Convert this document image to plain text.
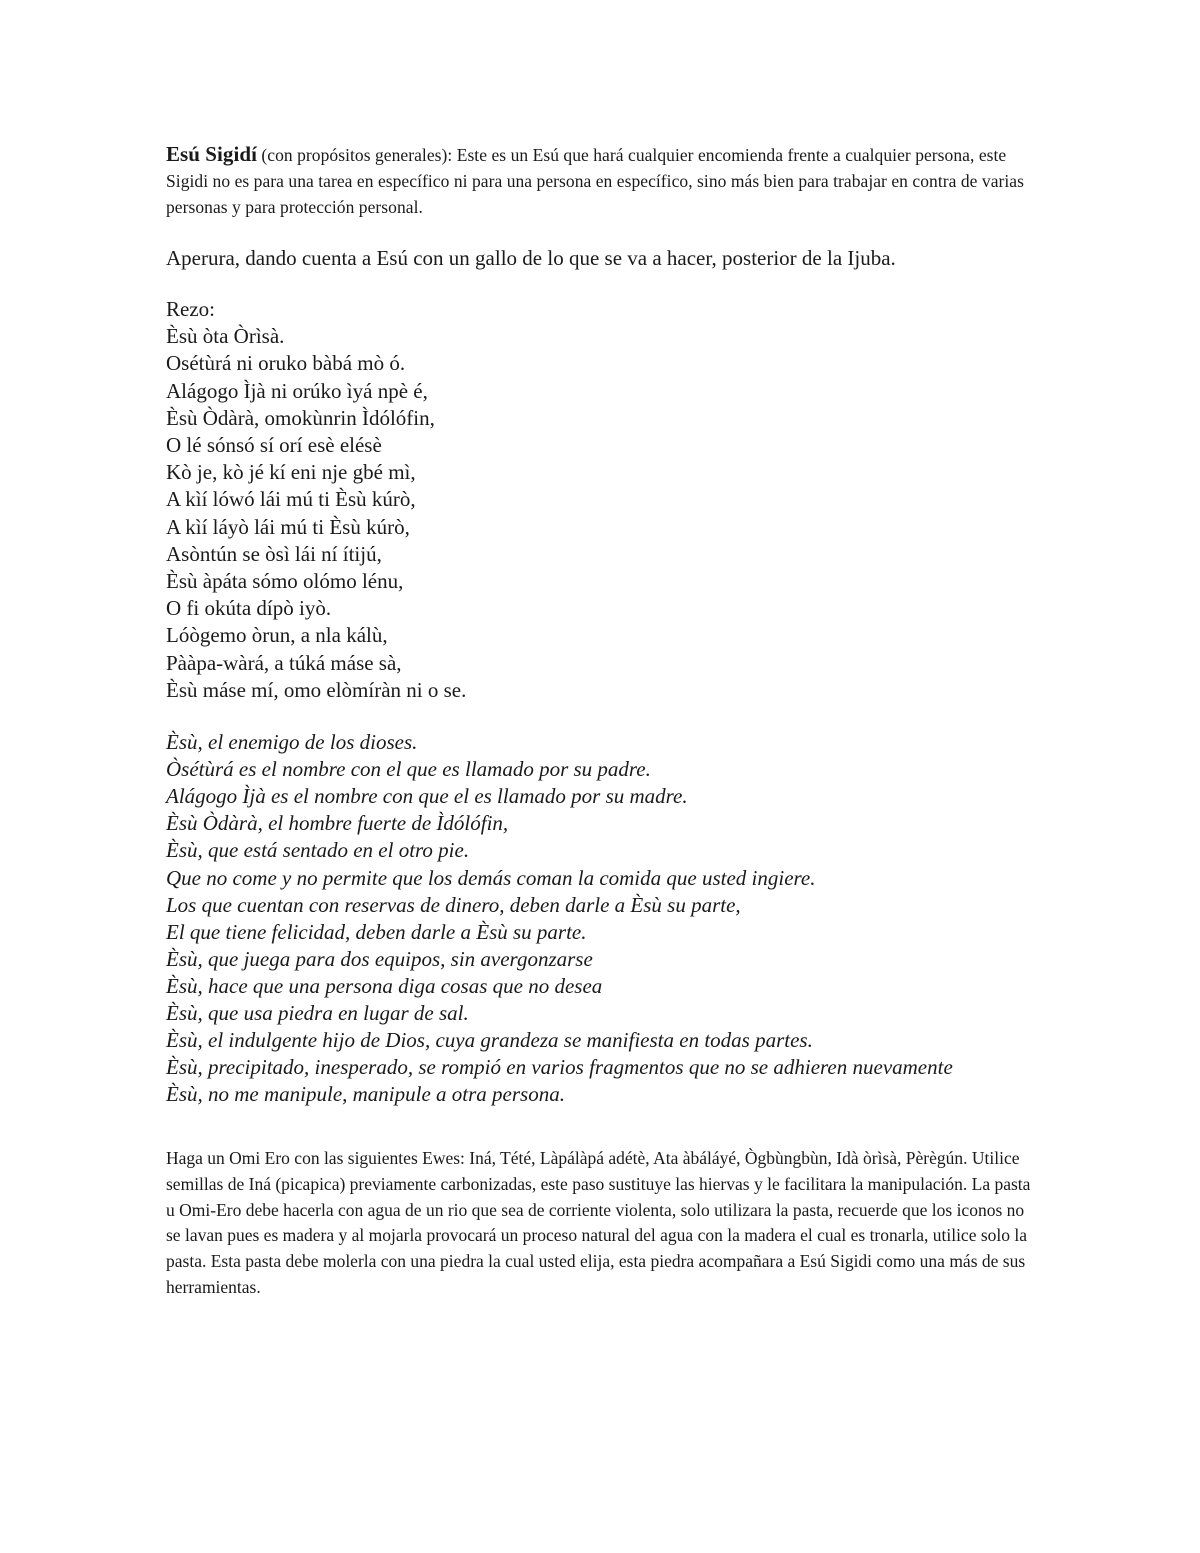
Esú Sigidí (con propósitos generales): Este es un Esú que hará cualquier encomienda frente a cualquier persona, este Sigidi no es para una tarea en específico ni para una persona en específico, sino más bien para trabajar en contra de varias personas y para protección personal.

Aperura, dando cuenta a Esú con un gallo de lo que se va a hacer, posterior de la Ijuba.

Rezo:
Èsù òta Òrìsà.
Osétùrá ni oruko bàbá mò ó.
Alágogo Ìjà ni orúko ìyá npè é,
Èsù Òdàrà, omokùnrin Ìdólófin,
O lé sónsó sí orí esè elésè
Kò je, kò jé kí eni nje gbé mì,
A kìí lówó lái mú ti Èsù kúrò,
A kìí láyò lái mú ti Èsù kúrò,
Asòntún se òsì lái ní ítijú,
Èsù àpáta sómo olómo lénu,
O fi okúta dípò iyò.
Lóògemo òrun, a nla kálù,
Pààpa-wàrá, a túká máse sà,
Èsù máse mí, omo elòmíràn ni o se.
Èsù, el enemigo de los dioses.
Òsétùrá es el nombre con el que es llamado por su padre.
Alágogo Ìjà es el nombre con que el es llamado por su madre.
Èsù Òdàrà, el hombre fuerte de Ìdólófin,
Èsù, que está sentado en el otro pie.
Que no come y no permite que los demás coman la comida que usted ingiere.
Los que cuentan con reservas de dinero, deben darle a Èsù su parte,
El que tiene felicidad, deben darle a Èsù su parte.
Èsù, que juega para dos equipos, sin avergonzarse
Èsù, hace que una persona diga cosas que no desea
Èsù, que usa piedra en lugar de sal.
Èsù, el indulgente hijo de Dios, cuya grandeza se manifiesta en todas partes.
Èsù, precipitado, inesperado, se rompió en varios fragmentos que no se adhieren nuevamente
Èsù, no me manipule, manipule a otra persona.

Haga un Omi Ero con las siguientes Ewes: Iná, Tété, Làpálàpá adétè, Ata àbáláyé, Ògbùngbùn, Idà òrìsà, Pèrègún. Utilice semillas de Iná (picapica) previamente carbonizadas, este paso sustituye las hiervas y le facilitara la manipulación. La pasta u Omi-Ero debe hacerla con agua de un rio que sea de corriente violenta, solo utilizara la pasta, recuerde que los iconos no se lavan pues es madera y al mojarla provocará un proceso natural del agua con la madera el cual es tronarla, utilice solo la pasta. Esta pasta debe molerla con una piedra la cual usted elija, esta piedra acompañara a Esú Sigidi como una más de sus herramientas.
